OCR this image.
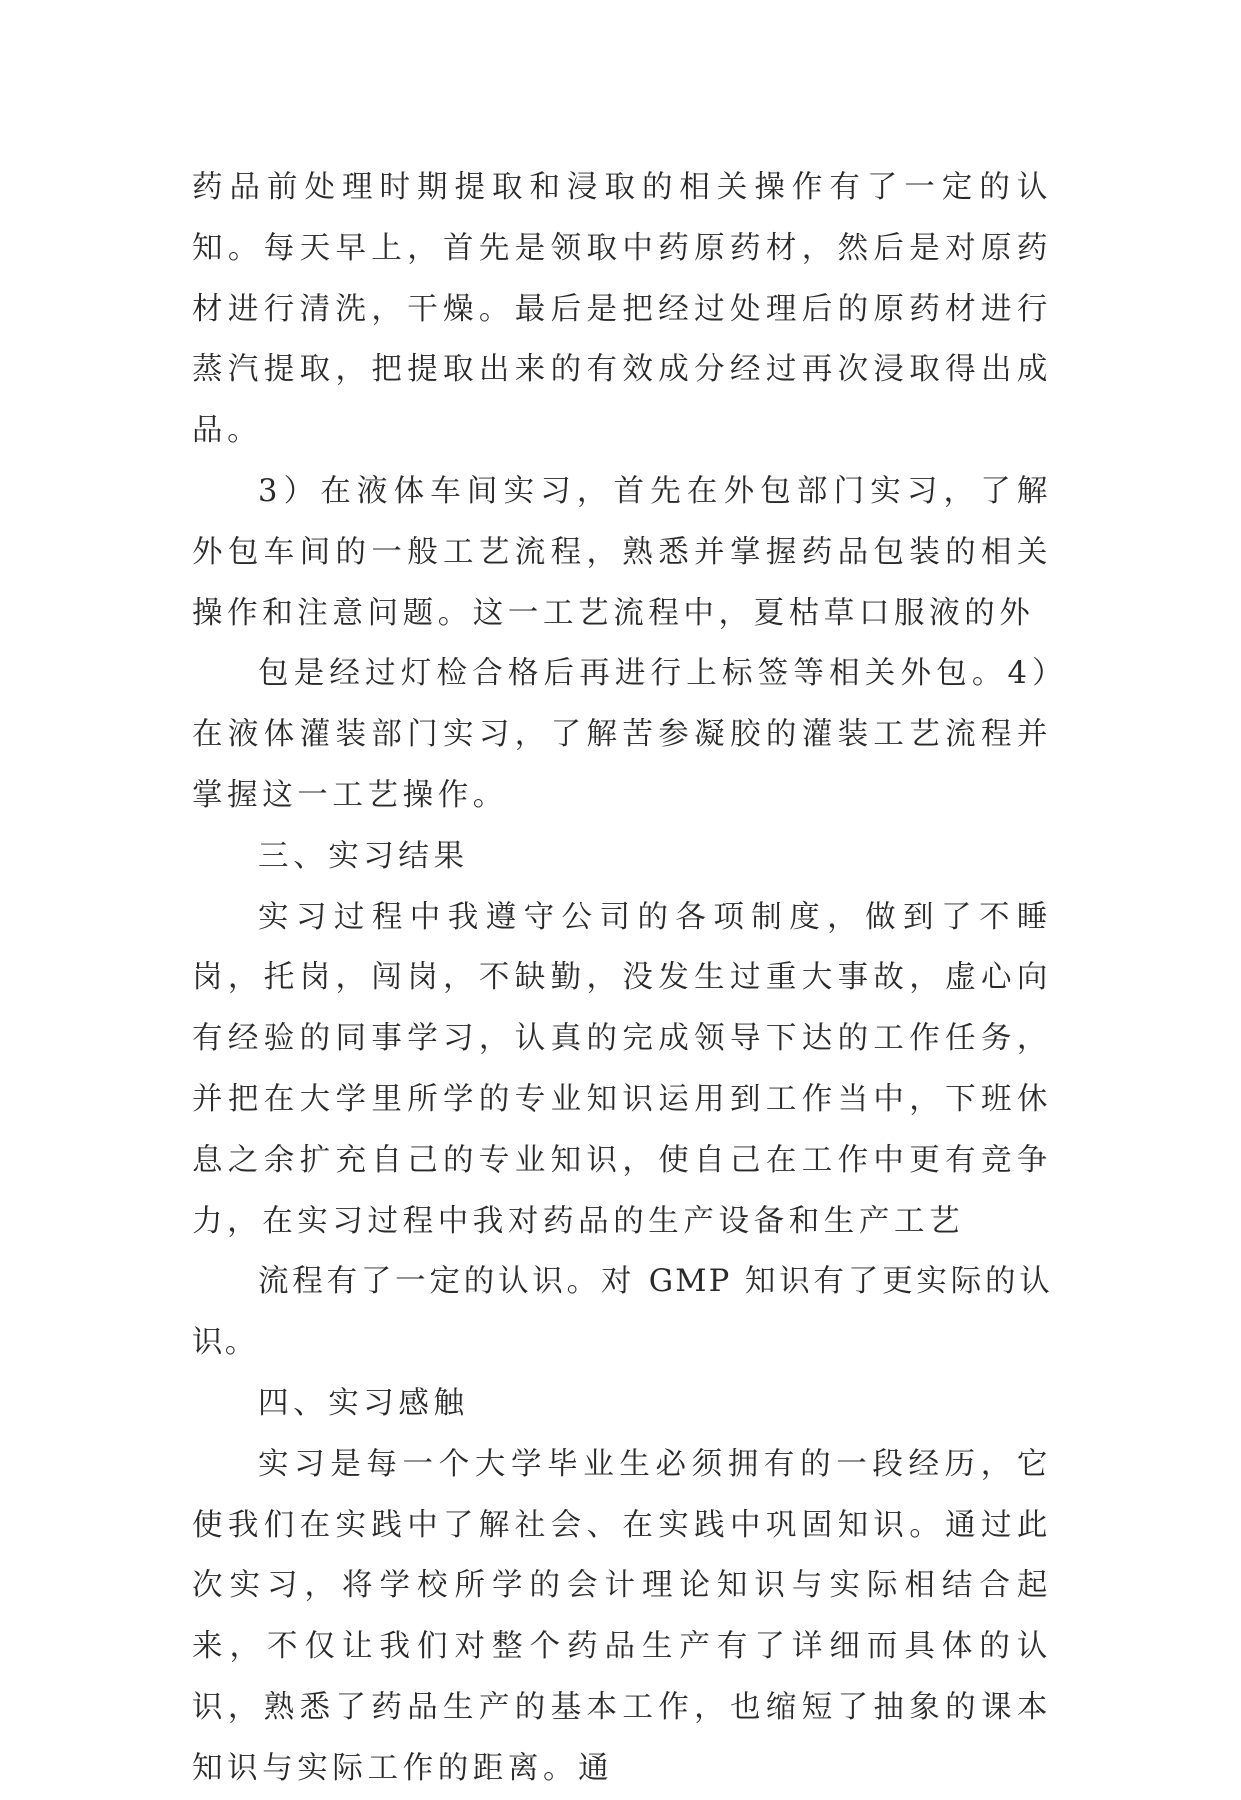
药品前处理时期提取和浸取的相关操作有了一定的认知。每天早上，首先是领取中药原药材，然后是对原药材进行清洗，干燥。最后是把经过处理后的原药材进行蒸汽提取，把提取出来的有效成分经过再次浸取得出成品。

3）在液体车间实习，首先在外包部门实习，了解外包车间的一般工艺流程，熟悉并掌握药品包装的相关操作和注意问题。这一工艺流程中，夏枯草口服液的外

包是经过灯检合格后再进行上标签等相关外包。4）在液体灌装部门实习，了解苦参凝胶的灌装工艺流程并掌握这一工艺操作。

三、实习结果

实习过程中我遵守公司的各项制度，做到了不睡岗，托岗，闯岗，不缺勤，没发生过重大事故，虚心向有经验的同事学习，认真的完成领导下达的工作任务，并把在大学里所学的专业知识运用到工作当中，下班休息之余扩充自己的专业知识，使自己在工作中更有竞争力，在实习过程中我对药品的生产设备和生产工艺

流程有了一定的认识。对 GMP 知识有了更实际的认识。

四、实习感触

实习是每一个大学毕业生必须拥有的一段经历，它使我们在实践中了解社会、在实践中巩固知识。通过此次实习，将学校所学的会计理论知识与实际相结合起来，不仅让我们对整个药品生产有了详细而具体的认识，熟悉了药品生产的基本工作，也缩短了抽象的课本知识与实际工作的距离。通
